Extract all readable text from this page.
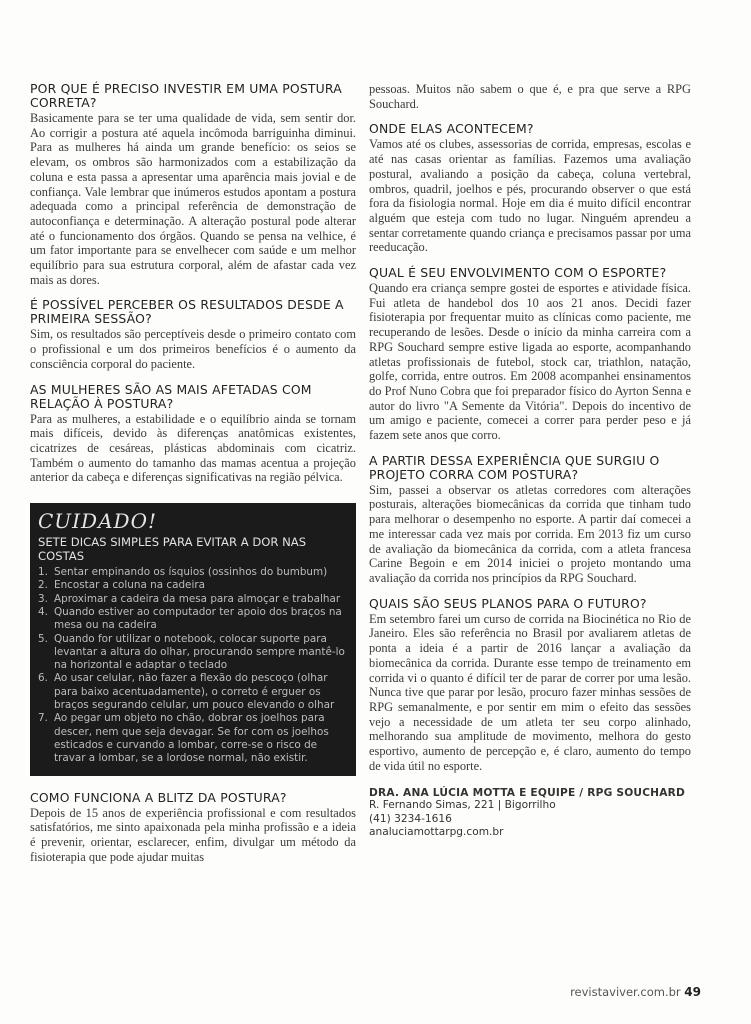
POR QUE É PRECISO INVESTIR EM UMA POSTURA CORRETA?

Basicamente para se ter uma qualidade de vida, sem sentir dor. Ao corrigir a postura até aquela incômoda barriguinha diminui. Para as mulheres há ainda um grande benefício: os seios se elevam, os ombros são harmonizados com a estabilização da coluna e esta passa a apresentar uma aparência mais jovial e de confiança. Vale lembrar que inúmeros estudos apontam a postura adequada como a principal referência de demonstração de autoconfiança e determinação. A alteração postural pode alterar até o funcionamento dos órgãos. Quando se pensa na velhice, é um fator importante para se envelhecer com saúde e um melhor equilíbrio para sua estrutura corporal, além de afastar cada vez mais as dores.

É POSSÍVEL PERCEBER OS RESULTADOS DESDE A PRIMEIRA SESSÃO?

Sim, os resultados são perceptíveis desde o primeiro contato com o profissional e um dos primeiros benefícios é o aumento da consciência corporal do paciente.

AS MULHERES SÃO AS MAIS AFETADAS COM RELAÇÃO À POSTURA?

Para as mulheres, a estabilidade e o equilíbrio ainda se tornam mais difíceis, devido às diferenças anatômicas existentes, cicatrizes de cesáreas, plásticas abdominais com cicatriz. Também o aumento do tamanho das mamas acentua a projeção anterior da cabeça e diferenças significativas na região pélvica.

CUIDADO!
SETE DICAS SIMPLES PARA EVITAR A DOR NAS COSTAS
1. Sentar empinando os ísquios (ossinhos do bumbum)
2. Encostar a coluna na cadeira
3. Aproximar a cadeira da mesa para almoçar e trabalhar
4. Quando estiver ao computador ter apoio dos braços na mesa ou na cadeira
5. Quando for utilizar o notebook, colocar suporte para levantar a altura do olhar, procurando sempre mantê-lo na horizontal e adaptar o teclado
6. Ao usar celular, não fazer a flexão do pescoço (olhar para baixo acentuadamente), o correto é erguer os braços segurando celular, um pouco elevando o olhar
7. Ao pegar um objeto no chão, dobrar os joelhos para descer, nem que seja devagar. Se for com os joelhos esticados e curvando a lombar, corre-se o risco de travar a lombar, se a lordose normal, não existir.
COMO FUNCIONA A BLITZ DA POSTURA?

Depois de 15 anos de experiência profissional e com resultados satisfatórios, me sinto apaixonada pela minha profissão e a ideia é prevenir, orientar, esclarecer, enfim, divulgar um método da fisioterapia que pode ajudar muitas

pessoas. Muitos não sabem o que é, e pra que serve a RPG Souchard.

ONDE ELAS ACONTECEM?

Vamos até os clubes, assessorias de corrida, empresas, escolas e até nas casas orientar as famílias. Fazemos uma avaliação postural, avaliando a posição da cabeça, coluna vertebral, ombros, quadril, joelhos e pés, procurando observer o que está fora da fisiologia normal. Hoje em dia é muito difícil encontrar alguém que esteja com tudo no lugar. Ninguém aprendeu a sentar corretamente quando criança e precisamos passar por uma reeducação.

QUAL É SEU ENVOLVIMENTO COM O ESPORTE?

Quando era criança sempre gostei de esportes e atividade física. Fui atleta de handebol dos 10 aos 21 anos. Decidi fazer fisioterapia por frequentar muito as clínicas como paciente, me recuperando de lesões. Desde o início da minha carreira com a RPG Souchard sempre estive ligada ao esporte, acompanhando atletas profissionais de futebol, stock car, triathlon, natação, golfe, corrida, entre outros. Em 2008 acompanhei ensinamentos do Prof Nuno Cobra que foi preparador físico do Ayrton Senna e autor do livro "A Semente da Vitória". Depois do incentivo de um amigo e paciente, comecei a correr para perder peso e já fazem sete anos que corro.

A PARTIR DESSA EXPERIÊNCIA QUE SURGIU O PROJETO CORRA COM POSTURA?

Sim, passei a observar os atletas corredores com alterações posturais, alterações biomecânicas da corrida que tinham tudo para melhorar o desempenho no esporte. A partir daí comecei a me interessar cada vez mais por corrida. Em 2013 fiz um curso de avaliação da biomecânica da corrida, com a atleta francesa Carine Begoin e em 2014 iniciei o projeto montando uma avaliação da corrida nos princípios da RPG Souchard.

QUAIS SÃO SEUS PLANOS PARA O FUTURO?

Em setembro farei um curso de corrida na Biocinética no Rio de Janeiro. Eles são referência no Brasil por avaliarem atletas de ponta a ideia é a partir de 2016 lançar a avaliação da biomecânica da corrida. Durante esse tempo de treinamento em corrida vi o quanto é difícil ter de parar de correr por uma lesão. Nunca tive que parar por lesão, procuro fazer minhas sessões de RPG semanalmente, e por sentir em mim o efeito das sessões vejo a necessidade de um atleta ter seu corpo alinhado, melhorando sua amplitude de movimento, melhora do gesto esportivo, aumento de percepção e, é claro, aumento do tempo de vida útil no esporte.

DRA. ANA LÚCIA MOTTA E EQUIPE / RPG SOUCHARD
R. Fernando Simas, 221 | Bigorrilho
(41) 3234-1616
analuciamottarpg.com.br
revistaviver.com.br 49
